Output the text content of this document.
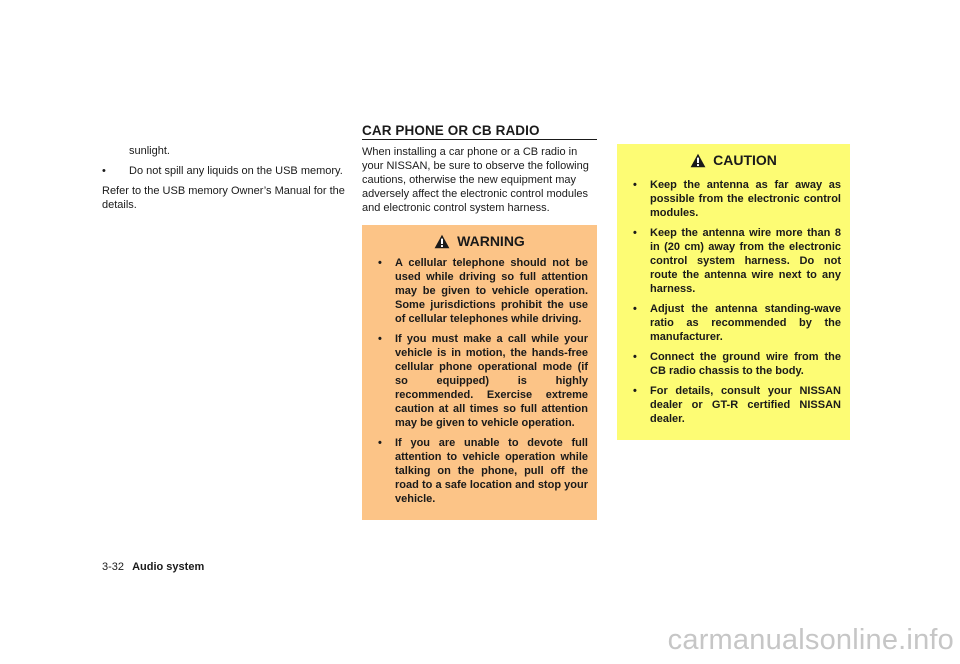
sunlight.

• Do not spill any liquids on the USB memory.

Refer to the USB memory Owner’s Manual for the details.

CAR PHONE OR CB RADIO

When installing a car phone or a CB radio in your NISSAN, be sure to observe the following cautions, otherwise the new equipment may adversely affect the electronic control modules and electronic control system harness.

WARNING
• A cellular telephone should not be used while driving so full attention may be given to vehicle operation. Some jurisdictions prohibit the use of cellular telephones while driving.
• If you must make a call while your vehicle is in motion, the hands-free cellular phone operational mode (if so equipped) is highly recommended. Exercise extreme caution at all times so full attention may be given to vehicle operation.
• If you are unable to devote full attention to vehicle operation while talking on the phone, pull off the road to a safe location and stop your vehicle.
CAUTION
• Keep the antenna as far away as possible from the electronic control modules.
• Keep the antenna wire more than 8 in (20 cm) away from the electronic control system harness. Do not route the antenna wire next to any harness.
• Adjust the antenna standing-wave ratio as recommended by the manufacturer.
• Connect the ground wire from the CB radio chassis to the body.
• For details, consult your NISSAN dealer or GT-R certified NISSAN dealer.
3-32 Audio system
carmanualsonline.info
